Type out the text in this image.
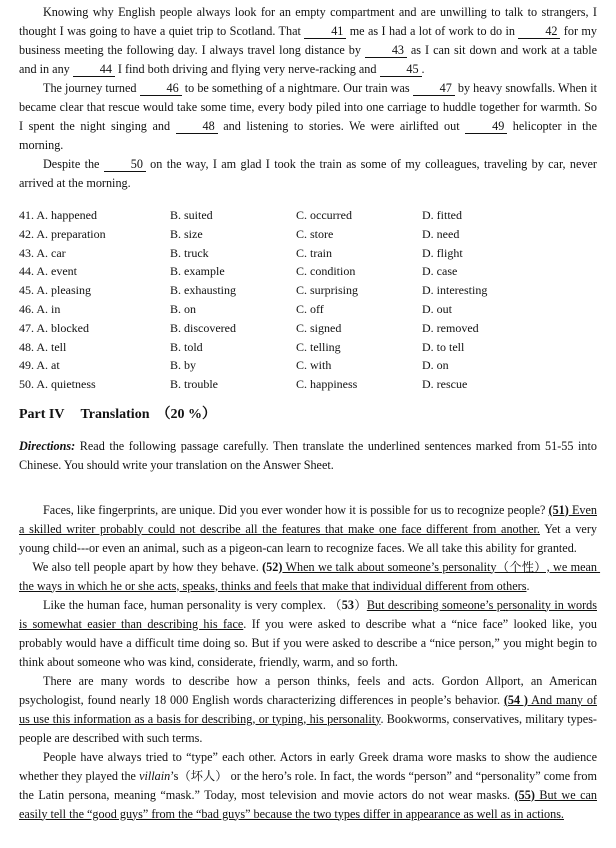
Knowing why English people always look for an empty compartment and are unwilling to talk to strangers, I thought I was going to have a quiet trip to Scotland. That 41 me as I had a lot of work to do in 42 for my business meeting the following day. I always travel long distance by 43 as I can sit down and work at a table and in any 44 I find both driving and flying very nerve-racking and 45 .

The journey turned 46 to be something of a nightmare. Our train was 47 by heavy snowfalls. When it became clear that rescue would take some time, every body piled into one carriage to huddle together for warmth. So I spent the night singing and 48 and listening to stories. We were airlifted out 49 helicopter in the morning.

Despite the 50 on the way, I am glad I took the train as some of my colleagues, traveling by car, never arrived at the morning.

41. A. happened	B. suited	C. occurred	D. fitted
42. A. preparation	B. size	C. store	D. need
43. A. car	B. truck	C. train	D. flight
44. A. event	B. example	C. condition	D. case
45. A. pleasing	B. exhausting	C. surprising	D. interesting
46. A. in	B. on	C. off	D. out
47. A. blocked	B. discovered	C. signed	D. removed
48. A. tell	B. told	C. telling	D. to tell
49. A. at	B. by	C. with	D. on
50. A. quietness	B. trouble	C. happiness	D. rescue
Part IV Translation （20 %）

Directions: Read the following passage carefully. Then translate the underlined sentences marked from 51-55 into Chinese. You should write your translation on the Answer Sheet.

Faces, like fingerprints, are unique. Did you ever wonder how it is possible for us to recognize people? (51) Even a skilled writer probably could not describe all the features that make one face different from another. Yet a very young child---or even an animal, such as a pigeon-can learn to recognize faces. We all take this ability for granted.

We also tell people apart by how they behave. (52) When we talk about someone’s personality（个性）, we mean the ways in which he or she acts, speaks, thinks and feels that make that individual different from others.

Like the human face, human personality is very complex. （53）But describing someone’s personality in words is somewhat easier than describing his face. If you were asked to describe what a “nice face” looked like, you probably would have a difficult time doing so. But if you were asked to describe a “nice person,” you might begin to think about someone who was kind, considerate, friendly, warm, and so forth.

There are many words to describe how a person thinks, feels and acts. Gordon Allport, an American psychologist, found nearly 18 000 English words characterizing differences in people’s behavior. (54 ) And many of us use this information as a basis for describing, or typing, his personality. Bookworms, conservatives, military types-people are described with such terms.

People have always tried to “type” each other. Actors in early Greek drama wore masks to show the audience whether they played the villain’s（坏人） or the hero’s role. In fact, the words “person” and “personality” come from the Latin persona, meaning “mask.” Today, most television and movie actors do not wear masks. (55) But we can easily tell the “good guys” from the “bad guys” because the two types differ in appearance as well as in actions.
